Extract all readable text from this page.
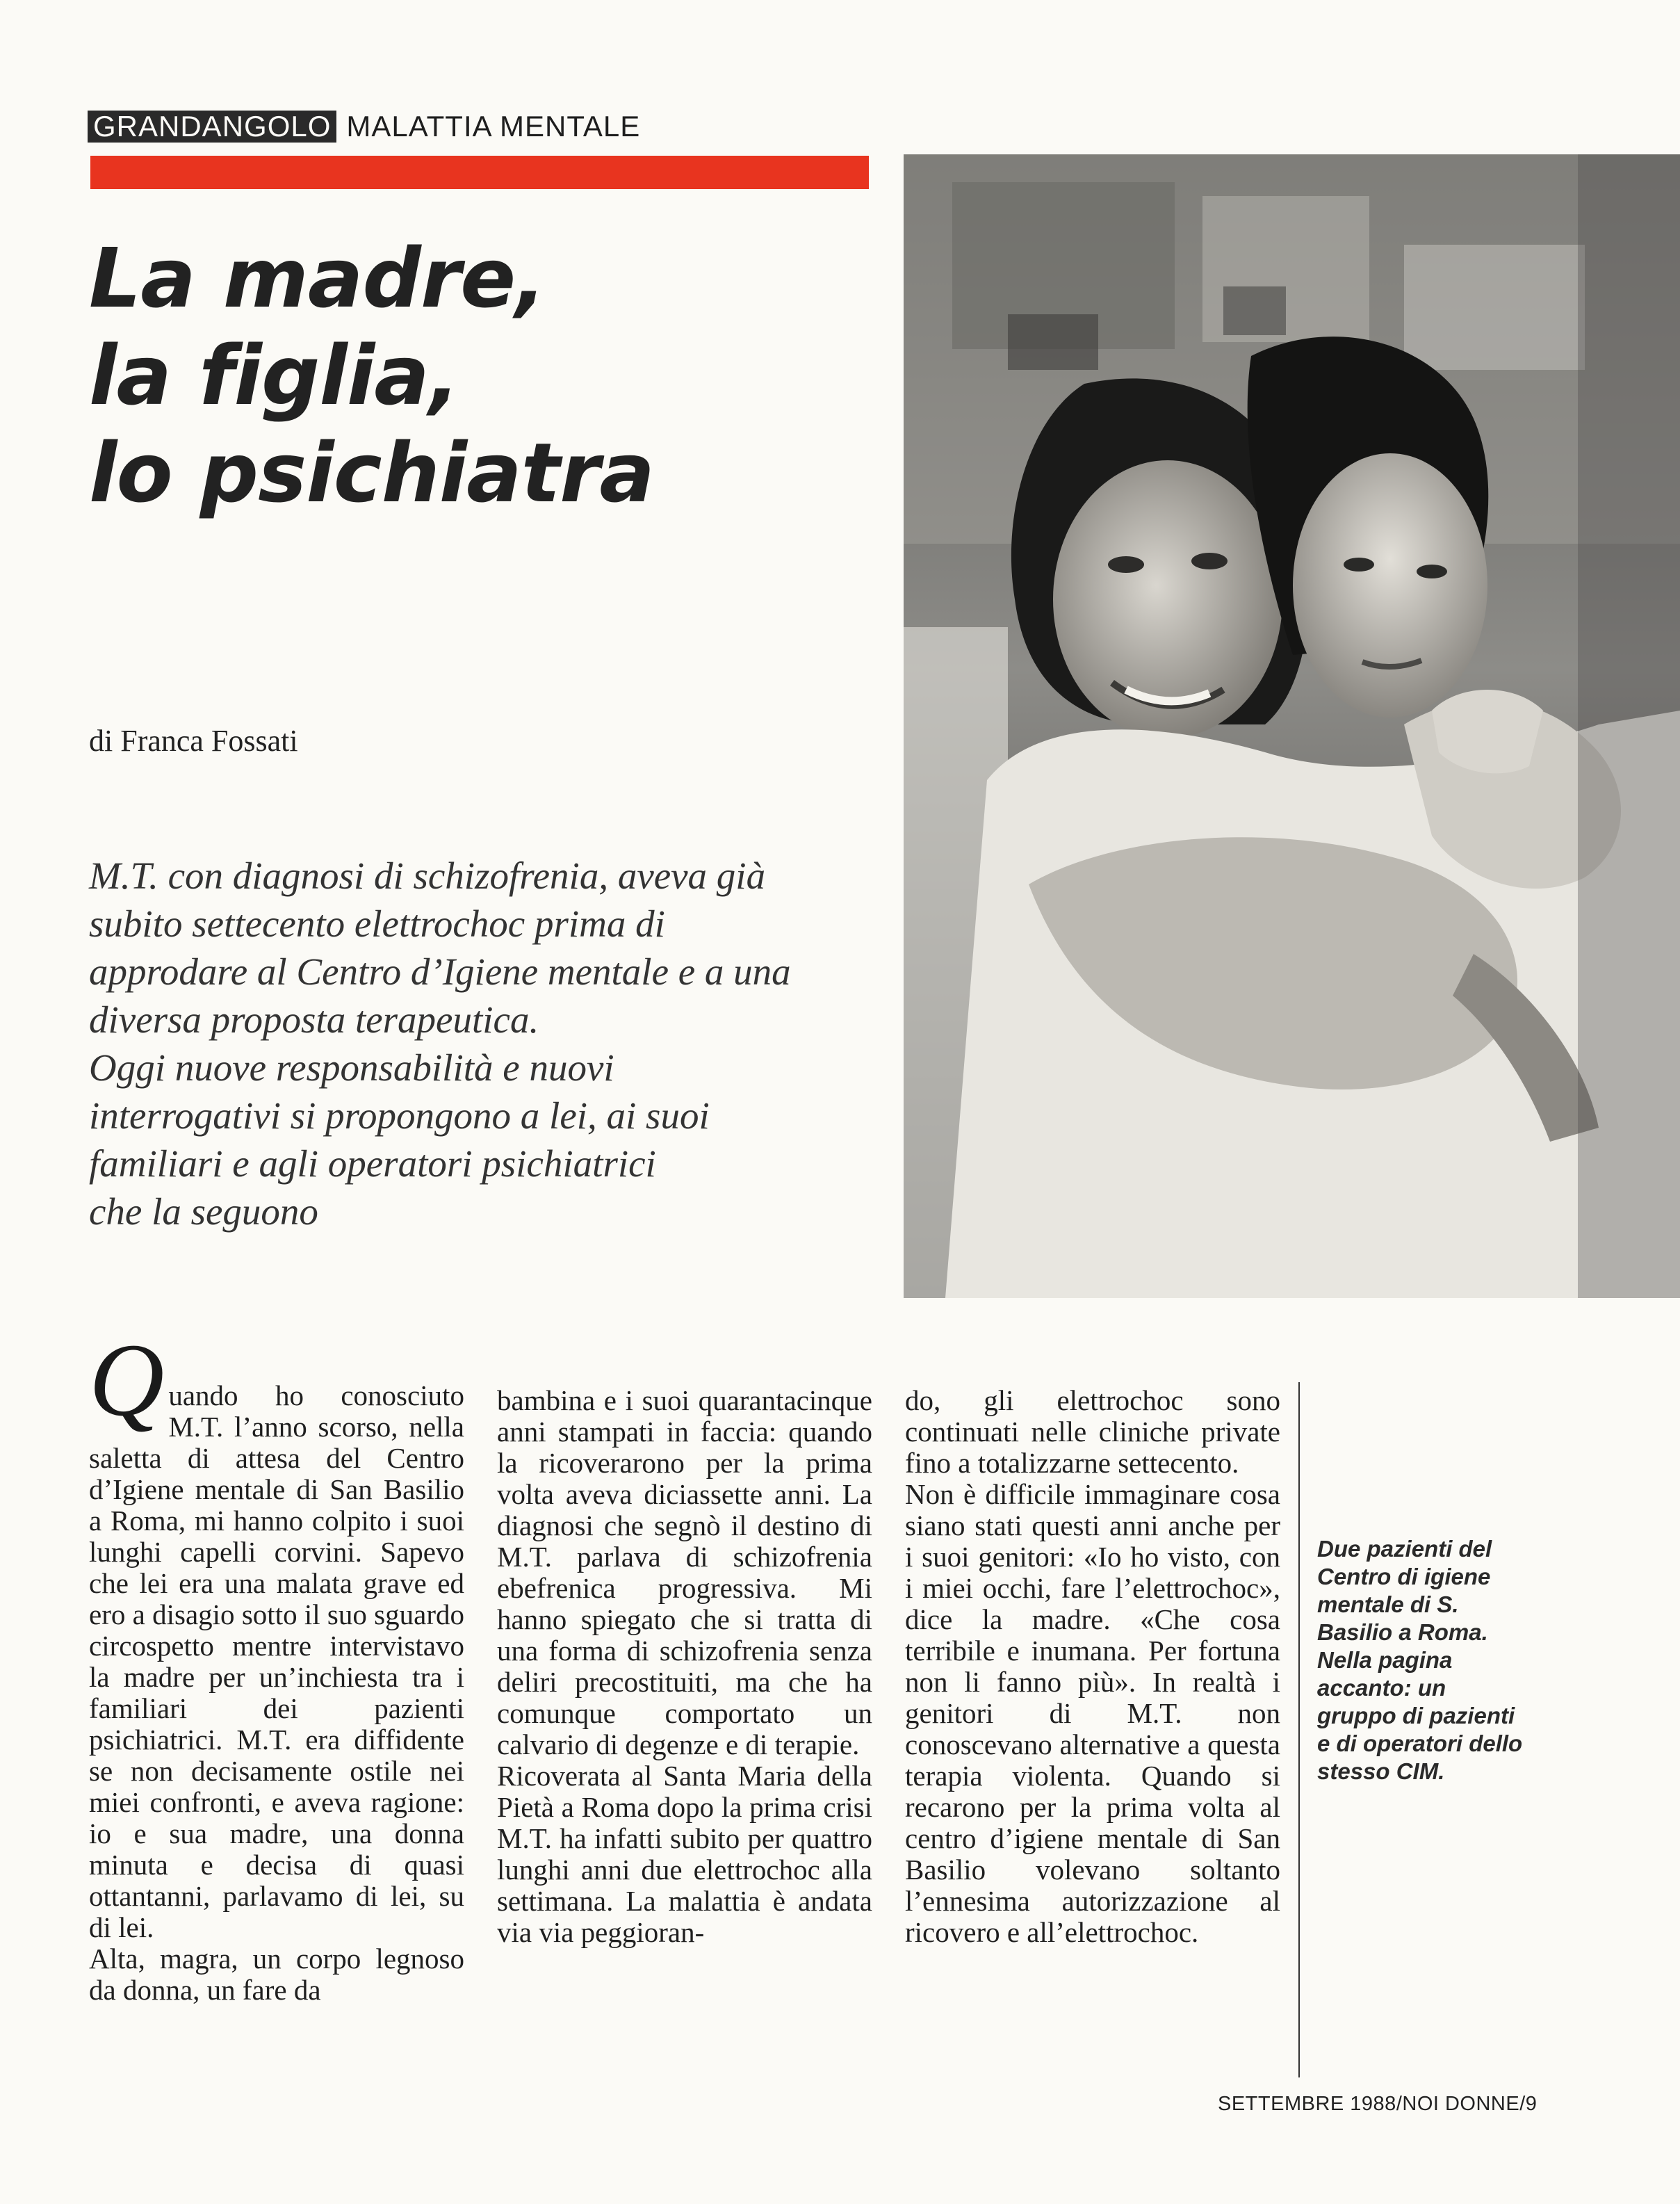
GRANDANGOLO MALATTIA MENTALE
La madre,
la figlia,
lo psichiatra
di Franca Fossati
M.T. con diagnosi di schizofrenia, aveva già
subito settecento elettrochoc prima di
approdare al Centro d’Igiene mentale e a una
diversa proposta terapeutica.
Oggi nuove responsabilità e nuovi
interrogativi si propongono a lei, ai suoi
familiari e agli operatori psichiatrici
che la seguono
Q uando ho conosciuto M.T. l’anno scorso, nella saletta di attesa del Centro d’Igiene mentale di San Basilio a Roma, mi hanno colpito i suoi lunghi capelli corvini. Sapevo che lei era una malata grave ed ero a disagio sotto il suo sguardo circospetto mentre intervistavo la madre per un’inchiesta tra i familiari dei pazienti psichiatrici. M.T. era diffidente se non decisamente ostile nei miei confronti, e aveva ragione: io e sua madre, una donna minuta e decisa di quasi ottantanni, parlavamo di lei, su di lei.

Alta, magra, un corpo legnoso da donna, un fare da

bambina e i suoi quarantacinque anni stampati in faccia: quando la ricoverarono per la prima volta aveva diciassette anni. La diagnosi che segnò il destino di M.T. parlava di schizofrenia ebefrenica progressiva. Mi hanno spiegato che si tratta di una forma di schizofrenia senza deliri precostituiti, ma che ha comunque comportato un calvario di degenze e di terapie.

Ricoverata al Santa Maria della Pietà a Roma dopo la prima crisi M.T. ha infatti subito per quattro lunghi anni due elettrochoc alla settimana. La malattia è andata via via peggioran-

do, gli elettrochoc sono continuati nelle cliniche private fino a totalizzarne settecento.

Non è difficile immaginare cosa siano stati questi anni anche per i suoi genitori: «Io ho visto, con i miei occhi, fare l’elettrochoc», dice la madre. «Che cosa terribile e inumana. Per fortuna non li fanno più». In realtà i genitori di M.T. non conoscevano alternative a questa terapia violenta. Quando si recarono per la prima volta al centro d’igiene mentale di San Basilio volevano soltanto l’ennesima autorizzazione al ricovero e all’elettrochoc.

Due pazienti del Centro di igiene mentale di S. Basilio a Roma. Nella pagina accanto: un gruppo di pazienti e di operatori dello stesso CIM.
SETTEMBRE 1988/NOI DONNE/9
